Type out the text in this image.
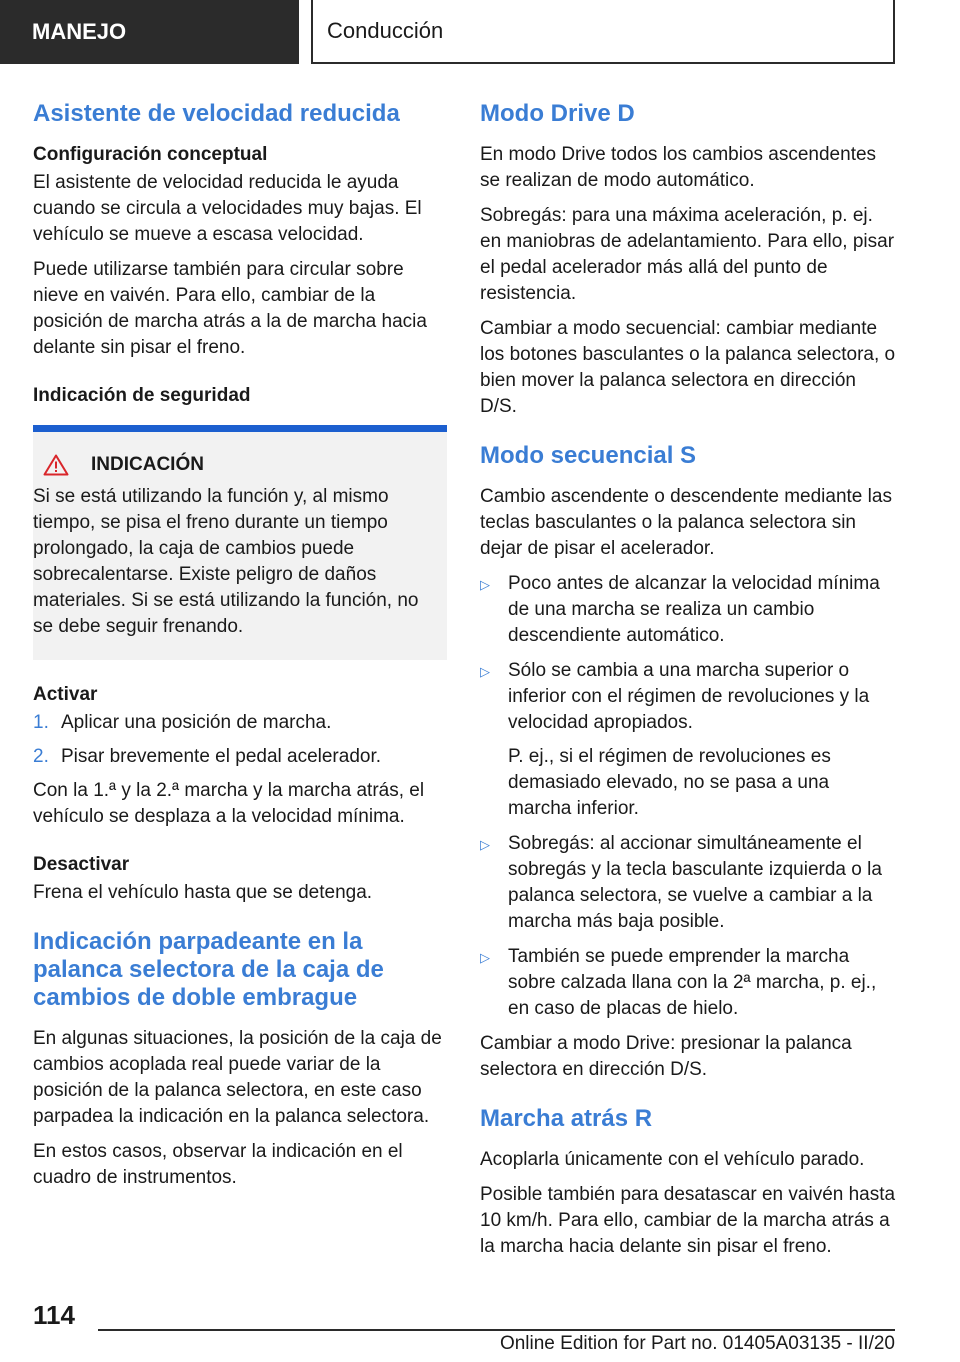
MANEJO	Conducción
Asistente de velocidad reducida
Configuración conceptual

El asistente de velocidad reducida le ayuda cuando se circula a velocidades muy bajas. El vehículo se mueve a escasa velocidad.

Puede utilizarse también para circular sobre nieve en vaivén. Para ello, cambiar de la posición de marcha atrás a la de marcha hacia delante sin pisar el freno.

Indicación de seguridad
INDICACIÓN

Si se está utilizando la función y, al mismo tiempo, se pisa el freno durante un tiempo prolongado, la caja de cambios puede sobrecalentarse. Existe peligro de daños materiales. Si se está utilizando la función, no se debe seguir frenando.

Activar
1. Aplicar una posición de marcha.
2. Pisar brevemente el pedal acelerador.

Con la 1.ª y la 2.ª marcha y la marcha atrás, el vehículo se desplaza a la velocidad mínima.

Desactivar

Frena el vehículo hasta que se detenga.

Indicación parpadeante en la palanca selectora de la caja de cambios de doble embrague

En algunas situaciones, la posición de la caja de cambios acoplada real puede variar de la posición de la palanca selectora, en este caso parpadea la indicación en la palanca selectora.

En estos casos, observar la indicación en el cuadro de instrumentos.

Modo Drive D

En modo Drive todos los cambios ascendentes se realizan de modo automático.

Sobregás: para una máxima aceleración, p. ej. en maniobras de adelantamiento. Para ello, pisar el pedal acelerador más allá del punto de resistencia.

Cambiar a modo secuencial: cambiar mediante los botones basculantes o la palanca selectora, o bien mover la palanca selectora en dirección D/S.

Modo secuencial S

Cambio ascendente o descendente mediante las teclas basculantes o la palanca selectora sin dejar de pisar el acelerador.

▷ Poco antes de alcanzar la velocidad mínima de una marcha se realiza un cambio descendiente automático.

▷ Sólo se cambia a una marcha superior o inferior con el régimen de revoluciones y la velocidad apropiados.

P. ej., si el régimen de revoluciones es demasiado elevado, no se pasa a una marcha inferior.

▷ Sobregás: al accionar simultáneamente el sobregás y la tecla basculante izquierda o la palanca selectora, se vuelve a cambiar a la marcha más baja posible.

▷ También se puede emprender la marcha sobre calzada llana con la 2ª marcha, p. ej., en caso de placas de hielo.

Cambiar a modo Drive: presionar la palanca selectora en dirección D/S.

Marcha atrás R

Acoplarla únicamente con el vehículo parado.

Posible también para desatascar en vaivén hasta 10 km/h. Para ello, cambiar de la marcha atrás a la marcha hacia delante sin pisar el freno.

114
Online Edition for Part no. 01405A03135 - II/20
